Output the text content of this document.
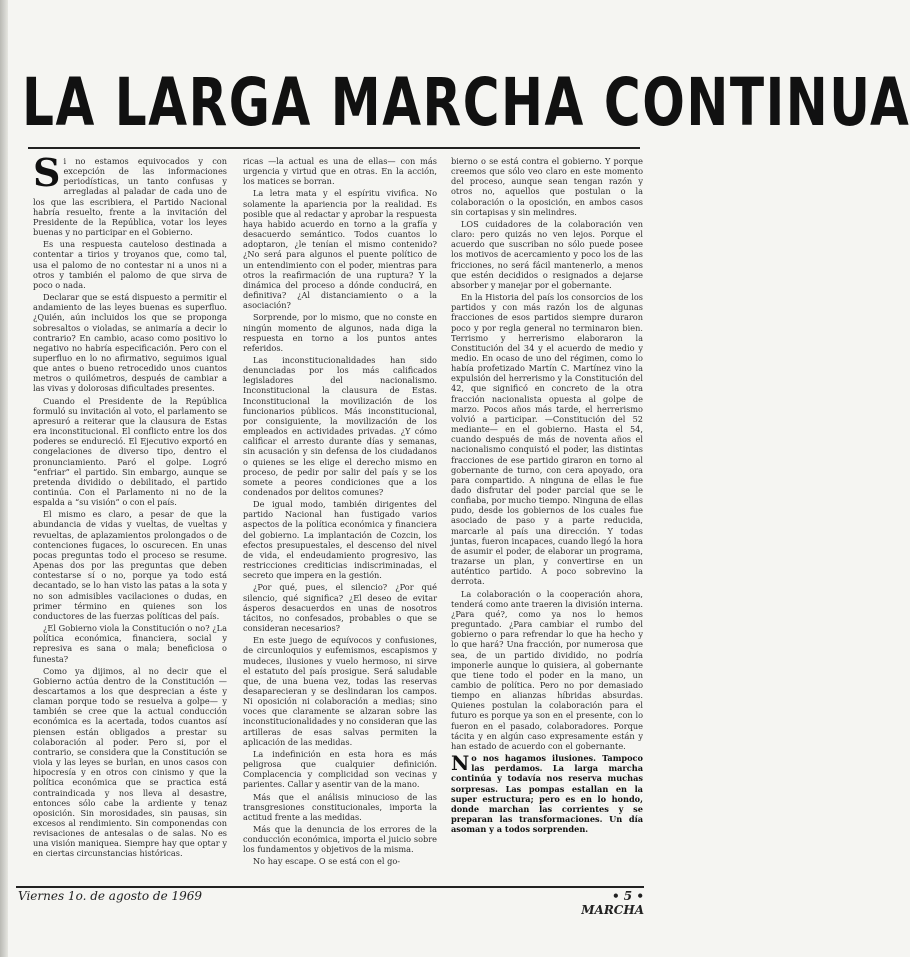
LA LARGA MARCHA CONTINUA

Si no estamos equivocados y con excepción de las informaciones periodísticas, un tanto confusas y arregladas al paladar de cada uno de los que las escribiera, el Partido Nacional habría resuelto, frente a la invitación del Presidente de la República, votar los leyes buenas y no participar en el Gobierno.

Es una respuesta cauteloso destinada a contentar a tirios y troyanos que, como tal, usa el palomo de no contestar ni a unos ni a otros y también el palomo de que sirva de poco o nada.

Declarar que se está dispuesto a permitir el andamiento de las leyes buenas es superfluo. ¿Quién, aún incluidos los que se proponga sobresaltos o violadas, se animaría a decir lo contrario? En cambio, acaso como positivo lo negativo no habría especificación. Pero con el superfluo en lo no afirmativo, seguimos igual que antes o bueno retrocedido unos cuantos metros o quilómetros, después de cambiar a las vivas y dolorosas dificultades presentes.

Cuando el Presidente de la República formuló su invitación al voto, el parlamento se apresuró a reiterar que la clausura de Estas era inconstitucional. El conflicto entre los dos poderes se endureció. El Ejecutivo exportó en congelaciones de diverso tipo, dentro el pronunciamiento. Paró el golpe. Logró “enfriar” el partido. Sin embargo, aunque se pretenda dividido o debilitado, el partido continúa. Con el Parlamento ni no de la espalda a “su visión” o con el país.

El mismo es claro, a pesar de que la abundancia de vidas y vueltas, de vueltas y revueltas, de aplazamientos prolongados o de contenciones fugaces, lo oscurecen. En unas pocas preguntas todo el proceso se resume. Apenas dos por las preguntas que deben contestarse sí o no, porque ya todo está decantado, se lo han visto las patas a la sota y no son admisibles vacilaciones o dudas, en primer término en quienes son los conductores de las fuerzas políticas del país.

¿El Gobierno viola la Constitución o no? ¿La política económica, financiera, social y represiva es sana o mala; beneficiosa o funesta?

Como ya dijimos, al no decir que el Gobierno actúa dentro de la Constitución —descartamos a los que desprecian a éste y claman porque todo se resuelva a golpe— y también se cree que la actual conducción económica es la acertada, todos cuantos así piensen están obligados a prestar su colaboración al poder. Pero si, por el contrario, se considera que la Constitución se viola y las leyes se burlan, en unos casos con hipocresía y en otros con cinismo y que la política económica que se practica está contraindicada y nos lleva al desastre, entonces sólo cabe la ardiente y tenaz oposición. Sin morosidades, sin pausas, sin excesos al rendimiento. Sin componendas con revisaciones de antesalas o de salas. No es una visión maniquea. Siempre hay que optar y en ciertas circunstancias históricas.

ricas —la actual es una de ellas— con más urgencia y virtud que en otras. En la acción, los matices se borran.

La letra mata y el espíritu vivifica. No solamente la apariencia por la realidad. Es posible que al redactar y aprobar la respuesta haya habido acuerdo en torno a la grafía y desacuerdo semántico. Todos cuantos lo adoptaron, ¿le tenían el mismo contenido? ¿No será para algunos el puente político de un entendimiento con el poder, mientras para otros la reafirmación de una ruptura? Y la dinámica del proceso a dónde conducirá, en definitiva? ¿Al distanciamiento o a la asociación?

Sorprende, por lo mismo, que no conste en ningún momento de algunos, nada diga la respuesta en torno a los puntos antes referidos.

Las inconstitucionalidades han sido denunciadas por los más calificados legisladores del nacionalismo. Inconstitucional la clausura de Estas. Inconstitucional la movilización de los funcionarios públicos. Más inconstitucional, por consiguiente, la movilización de los empleados en actividades privadas. ¿Y cómo calificar el arresto durante días y semanas, sin acusación y sin defensa de los ciudadanos o quienes se les elige el derecho mismo en proceso, de pedir por salir del país y se los somete a peores condiciones que a los condenados por delitos comunes?

De igual modo, también dirigentes del partido Nacional han fustigado varios aspectos de la política económica y financiera del gobierno. La implantación de Cozcin, los efectos presupuestales, el descenso del nivel de vida, el endeudamiento progresivo, las restricciones crediticias indiscriminadas, el secreto que impera en la gestión.

¿Por qué, pues, el silencio? ¿Por qué silencio, qué significa? ¿El deseo de evitar ásperos desacuerdos en unas de nosotros tácitos, no confesados, probables o que se consideran necesarios?

En este juego de equívocos y confusiones, de circunloquios y eufemismos, escapismos y mudeces, ilusiones y vuelo hermoso, ni sirve el estatuto del país prosigue. Será saludable que, de una buena vez, todas las reservas desaparecieran y se deslindaran los campos. Ni oposición ni colaboración a medias; sino voces que claramente se alzaran sobre las inconstitucionalidades y no consideran que las artilleras de esas salvas permiten la aplicación de las medidas.

La indefinición en esta hora es más peligrosa que cualquier definición. Complacencia y complicidad son vecinas y parientes. Callar y asentir van de la mano.

Más que el análisis minucioso de las transgresiones constitucionales, importa la actitud frente a las medidas.

Más que la denuncia de los errores de la conducción económica, importa el juicio sobre los fundamentos y objetivos de la misma.

No hay escape. O se está con el go-

bierno o se está contra el gobierno. Y porque creemos que sólo veo claro en este momento del proceso, aunque sean tengan razón y otros no, aquellos que postulan o la colaboración o la oposición, en ambos casos sin cortapisas y sin melindres.

LOS cuidadores de la colaboración ven claro: pero quizás no ven lejos. Porque el acuerdo que suscriban no sólo puede posee los motivos de acercamiento y poco los de las fricciones, no será fácil mantenerlo, a menos que estén decididos o resignados a dejarse absorber y manejar por el gobernante.

En la Historia del país los consorcios de los partidos y con más razón los de algunas fracciones de esos partidos siempre duraron poco y por regla general no terminaron bien. Terrismo y herrerismo elaboraron la Constitución del 34 y el acuerdo de medio y medio. En ocaso de uno del régimen, como lo había profetizado Martín C. Martínez vino la expulsión del herrerismo y la Constitución del 42, que significó en concreto de la otra fracción nacionalista opuesta al golpe de marzo. Pocos años más tarde, el herrerismo volvió a participar. —Constitución del 52 mediante— en el gobierno. Hasta el 54, cuando después de más de noventa años el nacionalismo conquistó el poder, las distintas fracciones de ese partido giraron en torno al gobernante de turno, con cera apoyado, ora para compartido. A ninguna de ellas le fue dado disfrutar del poder parcial que se le confiaba, por mucho tiempo. Ninguna de ellas pudo, desde los gobiernos de los cuales fue asociado de paso y a parte reducida, marcarle al país una dirección. Y todas juntas, fueron incapaces, cuando llegó la hora de asumir el poder, de elaborar un programa, trazarse un plan, y convertirse en un auténtico partido. A poco sobrevino la derrota.

La colaboración o la cooperación ahora, tenderá como ante traeren la división interna. ¿Para qué?, como ya nos lo hemos preguntado. ¿Para cambiar el rumbo del gobierno o para refrendar lo que ha hecho y lo que hará? Una fracción, por numerosa que sea, de un partido dividido, no podría imponerle aunque lo quisiera, al gobernante que tiene todo el poder en la mano, un cambio de política. Pero no por demasiado tiempo en alianzas híbridas absurdas. Quienes postulan la colaboración para el futuro es porque ya son en el presente, con lo fueron en el pasado, colaboradores. Porque tácita y en algún caso expresamente están y han estado de acuerdo con el gobernante.

No nos hagamos ilusiones. Tampoco las perdamos. La larga marcha continúa y todavía nos reserva muchas sorpresas. Las pompas estallan en la super estructura; pero es en lo hondo, donde marchan las corrientes y se preparan las transformaciones. Un día asoman y a todos sorprenden.

Viernes 1o. de agosto de 1969	• 5 • MARCHA
